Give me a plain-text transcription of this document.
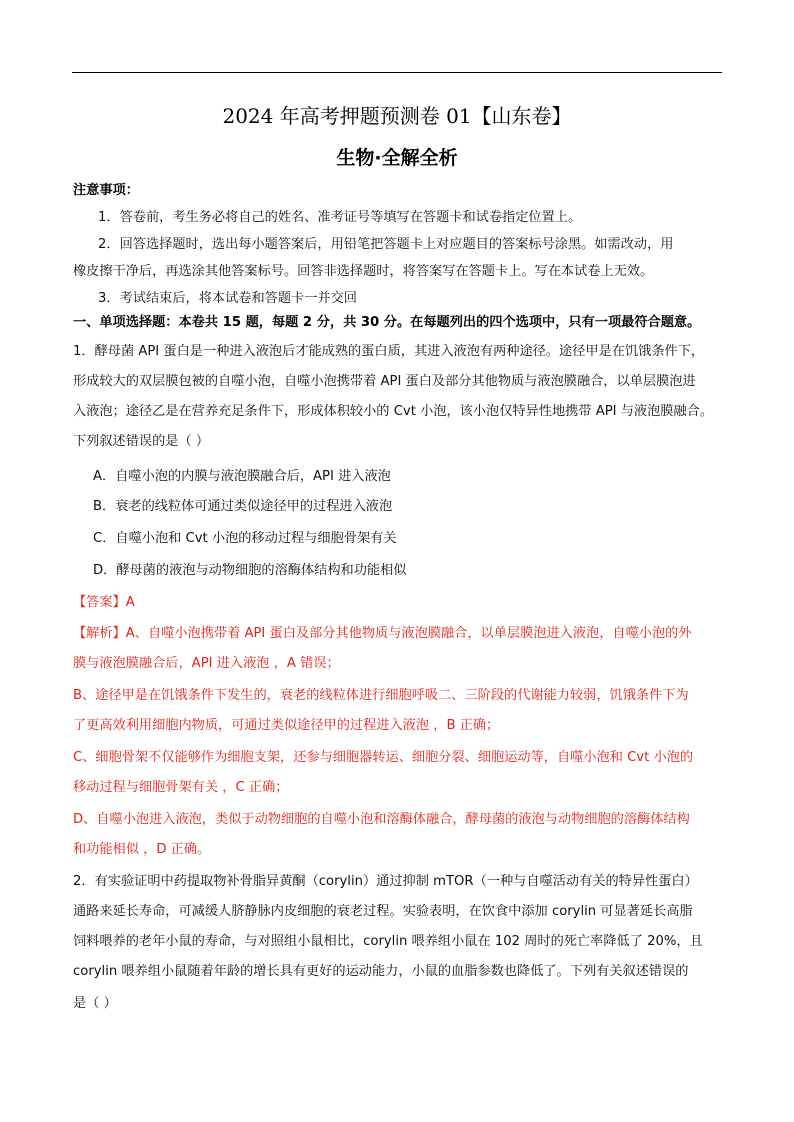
2024 年高考押题预测卷 01【山东卷】
生物·全解全析
注意事项：
1．答卷前，考生务必将自己的姓名、准考证号等填写在答题卡和试卷指定位置上。
2．回答选择题时，选出每小题答案后，用铅笔把答题卡上对应题目的答案标号涂黑。如需改动，用
橡皮擦干净后，再选涂其他答案标号。回答非选择题时，将答案写在答题卡上。写在本试卷上无效。
3．考试结束后，将本试卷和答题卡一并交回
一、单项选择题：本卷共 15 题，每题 2 分，共 30 分。在每题列出的四个选项中，只有一项最符合题意。
1．酵母菌 API 蛋白是一种进入液泡后才能成熟的蛋白质，其进入液泡有两种途径。途径甲是在饥饿条件下，
形成较大的双层膜包被的自噬小泡，自噬小泡携带着 API 蛋白及部分其他物质与液泡膜融合，以单层膜泡进
入液泡；途径乙是在营养充足条件下，形成体积较小的 Cvt 小泡，该小泡仅特异性地携带 API 与液泡膜融合。
下列叙述错误的是（ ）
A．自噬小泡的内膜与液泡膜融合后，API 进入液泡
B．衰老的线粒体可通过类似途径甲的过程进入液泡
C．自噬小泡和 Cvt 小泡的移动过程与细胞骨架有关
D．酵母菌的液泡与动物细胞的溶酶体结构和功能相似
【答案】A
【解析】A、自噬小泡携带着 API 蛋白及部分其他物质与液泡膜融合，以单层膜泡进入液泡，自噬小泡的外
膜与液泡膜融合后，API 进入液泡 ，A 错误；
B、途径甲是在饥饿条件下发生的，衰老的线粒体进行细胞呼吸二、三阶段的代谢能力较弱，饥饿条件下为
了更高效利用细胞内物质，可通过类似途径甲的过程进入液泡 ，B 正确；
C、细胞骨架不仅能够作为细胞支架，还参与细胞器转运、细胞分裂、细胞运动等，自噬小泡和 Cvt 小泡的
移动过程与细胞骨架有关 ，C 正确；
D、自噬小泡进入液泡，类似于动物细胞的自噬小泡和溶酶体融合，酵母菌的液泡与动物细胞的溶酶体结构
和功能相似 ，D 正确。
2．有实验证明中药提取物补骨脂异黄酮（corylin）通过抑制 mTOR（一种与自噬活动有关的特异性蛋白）
通路来延长寿命，可减缓人脐静脉内皮细胞的衰老过程。实验表明，在饮食中添加 corylin 可显著延长高脂
饲料喂养的老年小鼠的寿命，与对照组小鼠相比，corylin 喂养组小鼠在 102 周时的死亡率降低了 20%，且
corylin 喂养组小鼠随着年龄的增长具有更好的运动能力，小鼠的血脂参数也降低了。下列有关叙述错误的
是（ ）
